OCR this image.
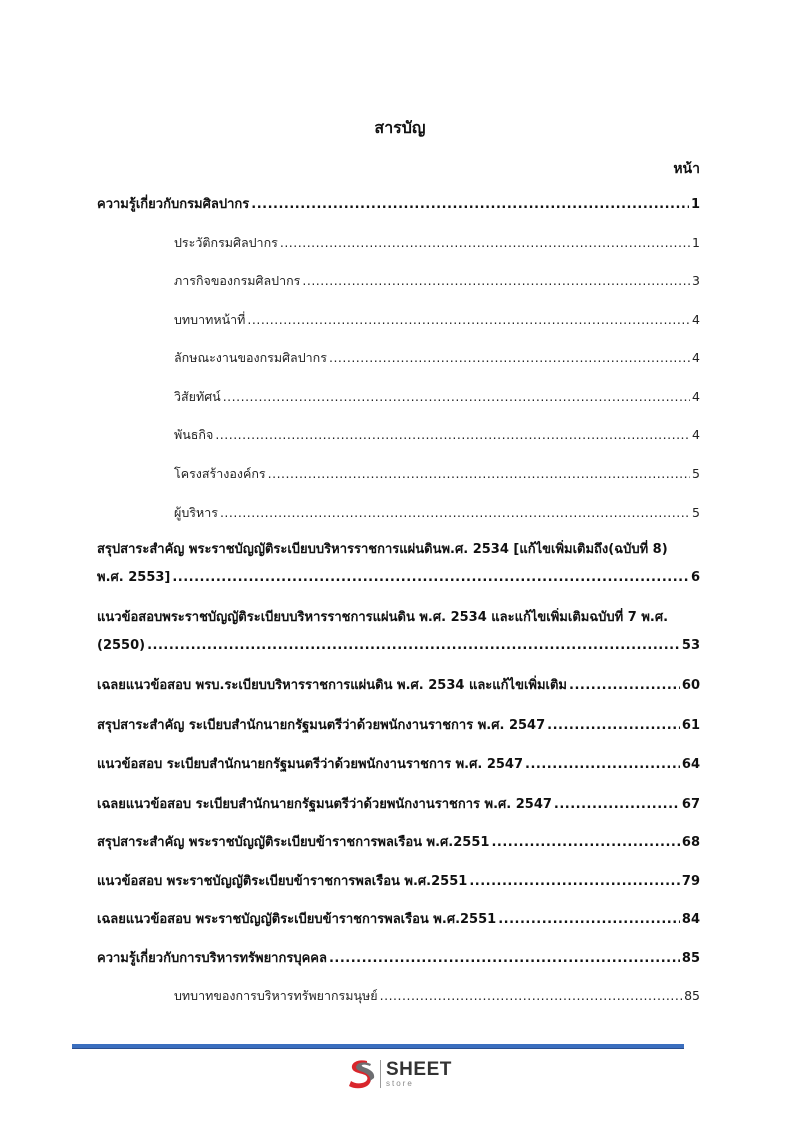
สารบัญ
หน้า
ความรู้เกี่ยวกับกรมศิลปากร .....	1
ประวัติกรมศิลปากร .....	1
ภารกิจของกรมศิลปากร .....	3
บทบาทหน้าที่ .....	4
ลักษณะงานของกรมศิลปากร .....	4
วิสัยทัศน์ .....	4
พันธกิจ .....	4
โครงสร้างองค์กร .....	5
ผู้บริหาร .....	5
สรุปสาระสำคัญ พระราชบัญญัติระเบียบบริหารราชการแผ่นดินพ.ศ. 2534 [แก้ไขเพิ่มเติมถึง(ฉบับที่ 8)
พ.ศ. 2553] .....	6
แนวข้อสอบพระราชบัญญัติระเบียบบริหารราชการแผ่นดิน พ.ศ. 2534 และแก้ไขเพิ่มเติมฉบับที่ 7 พ.ศ.
(2550) .....	53
เฉลยแนวข้อสอบ พรบ.ระเบียบบริหารราชการแผ่นดิน พ.ศ. 2534 และแก้ไขเพิ่มเติม .....	60
สรุปสาระสำคัญ ระเบียบสำนักนายกรัฐมนตรีว่าด้วยพนักงานราชการ พ.ศ. 2547 .....	61
แนวข้อสอบ ระเบียบสำนักนายกรัฐมนตรีว่าด้วยพนักงานราชการ พ.ศ. 2547 .....	64
เฉลยแนวข้อสอบ ระเบียบสำนักนายกรัฐมนตรีว่าด้วยพนักงานราชการ พ.ศ. 2547 .....	67
สรุปสาระสำคัญ พระราชบัญญัติระเบียบข้าราชการพลเรือน พ.ศ.2551 .....	68
แนวข้อสอบ พระราชบัญญัติระเบียบข้าราชการพลเรือน พ.ศ.2551 .....	79
เฉลยแนวข้อสอบ พระราชบัญญัติระเบียบข้าราชการพลเรือน พ.ศ.2551 .....	84
ความรู้เกี่ยวกับการบริหารทรัพยากรบุคคล .....	85
บทบาทของการบริหารทรัพยากรมนุษย์ .....	85
SHEET
store
